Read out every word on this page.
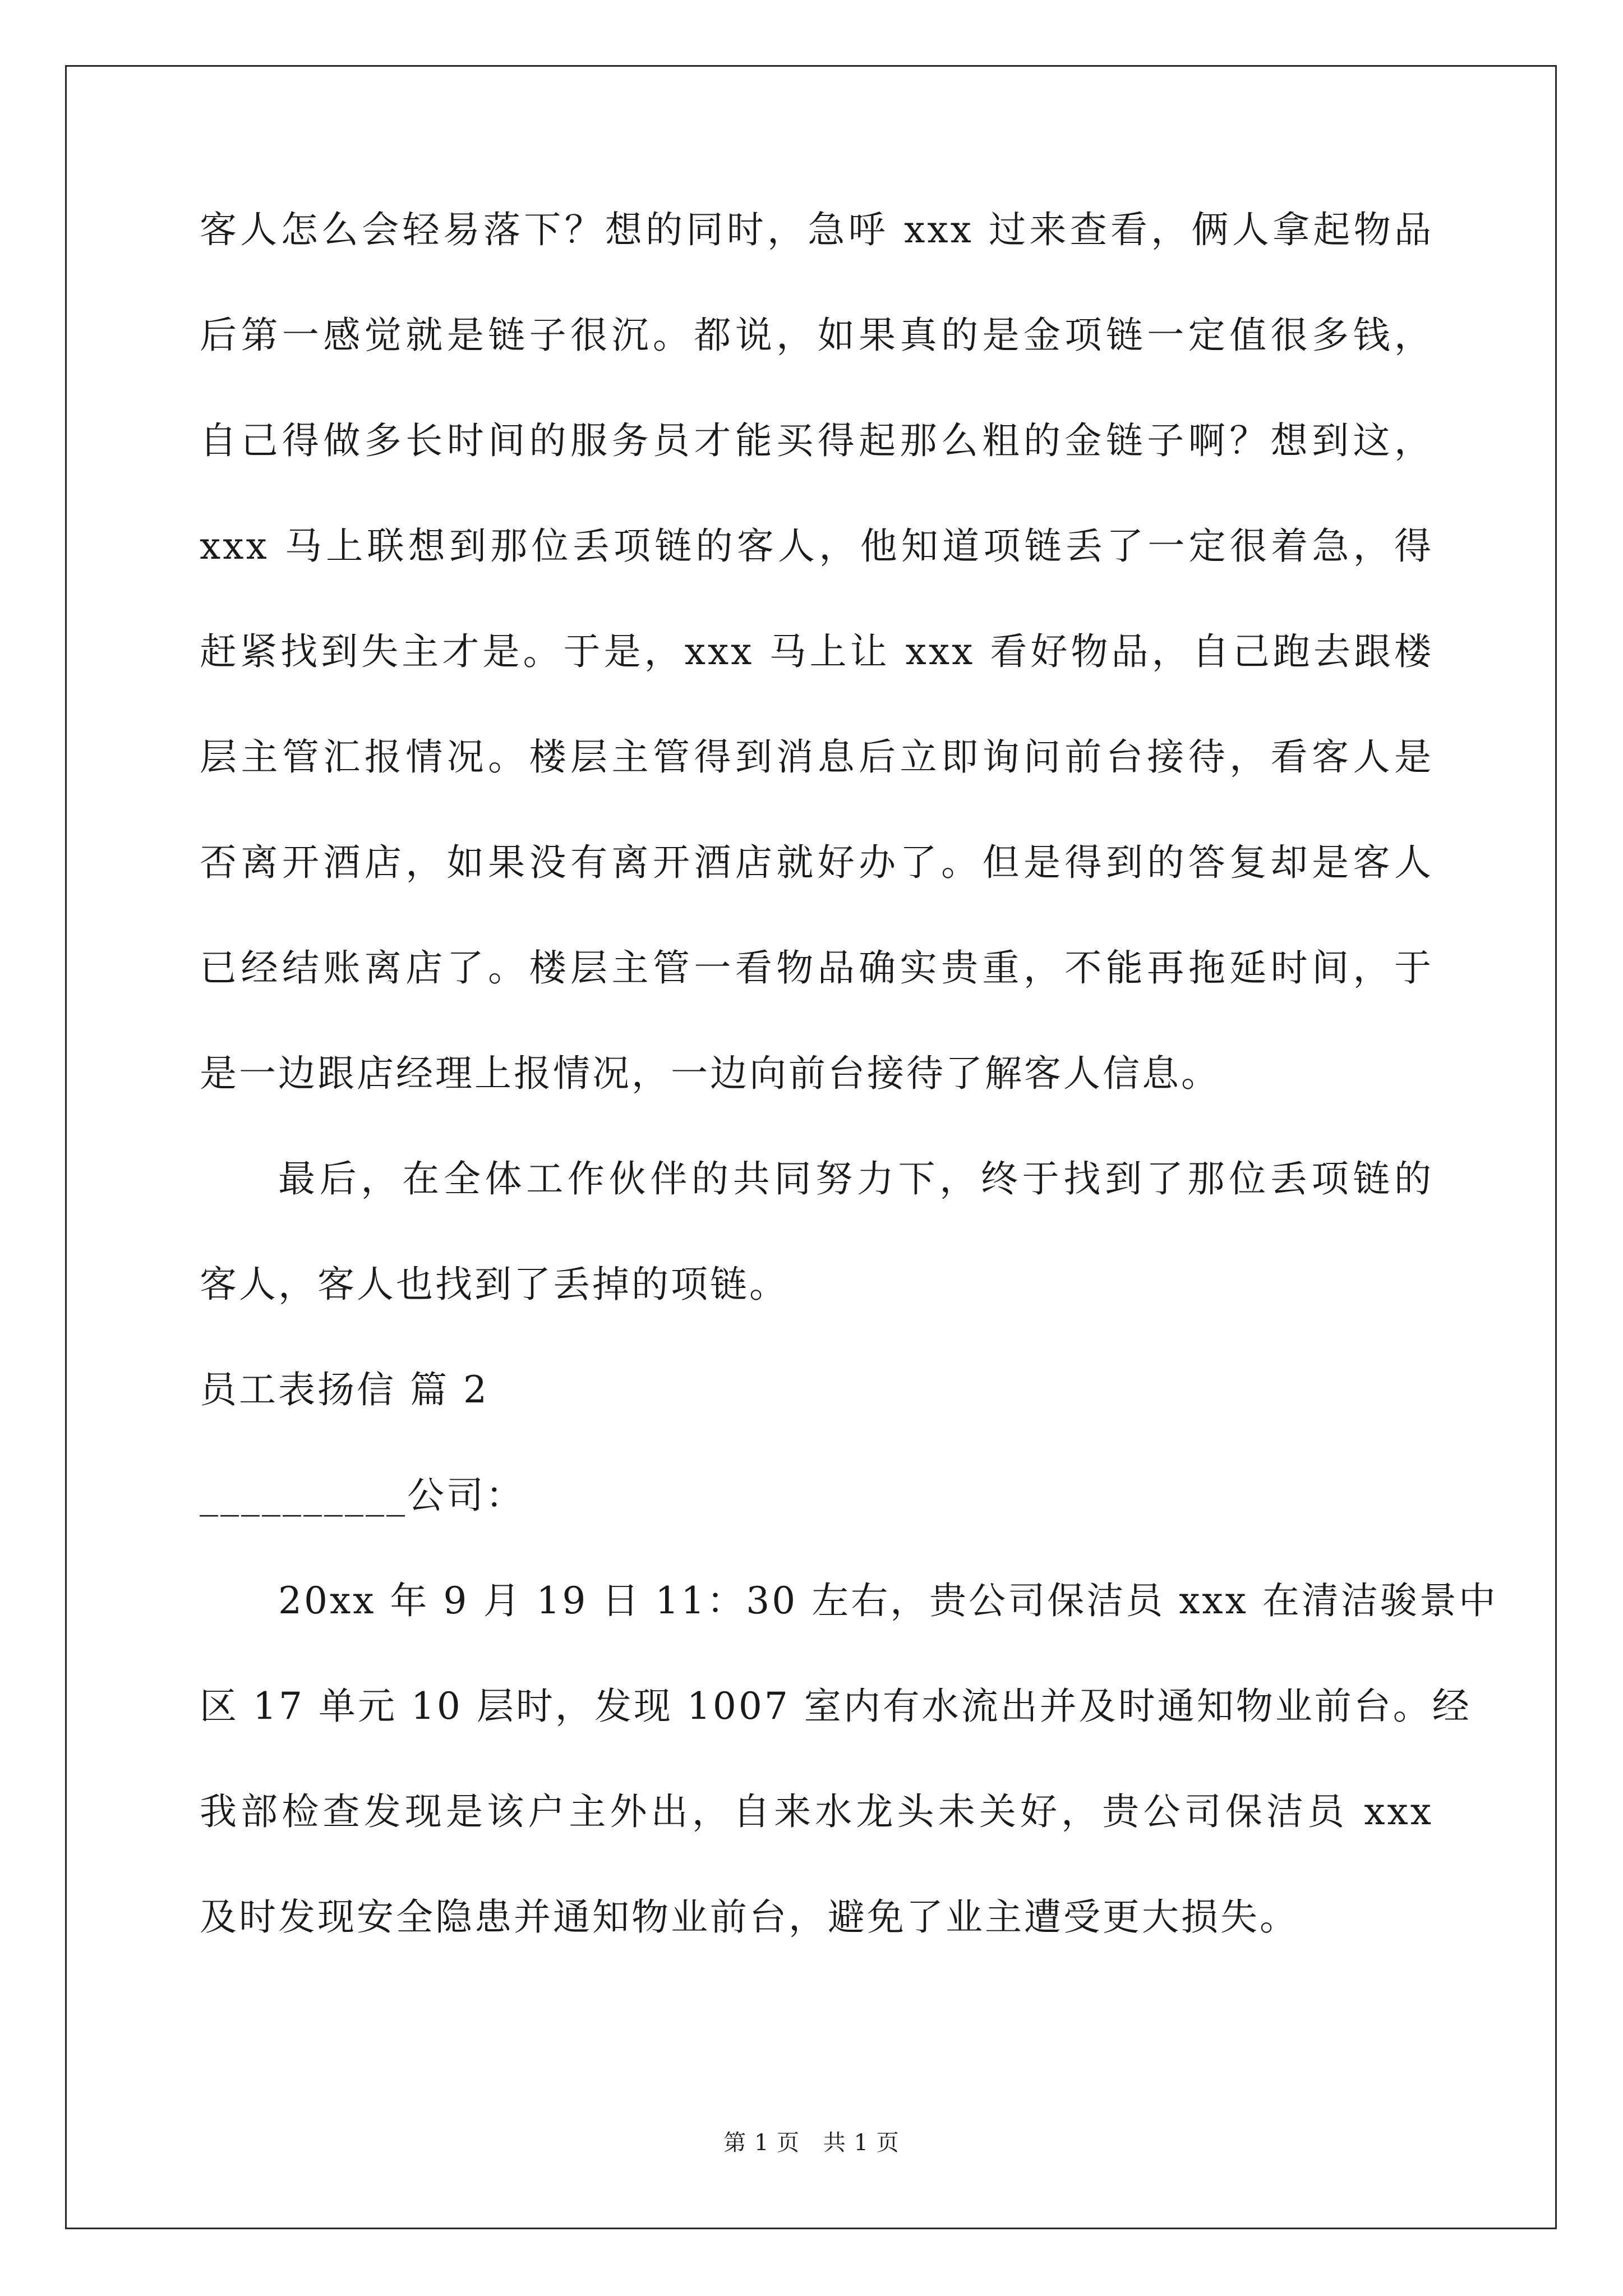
客人怎么会轻易落下？想的同时，急呼 xxx 过来查看，俩人拿起物品
后第一感觉就是链子很沉。都说，如果真的是金项链一定值很多钱，
自己得做多长时间的服务员才能买得起那么粗的金链子啊？想到这，
xxx 马上联想到那位丢项链的客人，他知道项链丢了一定很着急，得
赶紧找到失主才是。于是，xxx 马上让 xxx 看好物品，自己跑去跟楼
层主管汇报情况。楼层主管得到消息后立即询问前台接待，看客人是
否离开酒店，如果没有离开酒店就好办了。但是得到的答复却是客人
已经结账离店了。楼层主管一看物品确实贵重，不能再拖延时间，于
是一边跟店经理上报情况，一边向前台接待了解客人信息。
最后，在全体工作伙伴的共同努力下，终于找到了那位丢项链的
客人，客人也找到了丢掉的项链。
员工表扬信 篇 2
__________公司：
20xx 年 9 月 19 日 11：30 左右，贵公司保洁员 xxx 在清洁骏景中
区 17 单元 10 层时，发现 1007 室内有水流出并及时通知物业前台。经
我部检查发现是该户主外出，自来水龙头未关好，贵公司保洁员 xxx
及时发现安全隐患并通知物业前台，避免了业主遭受更大损失。
第 1 页 共 1 页
